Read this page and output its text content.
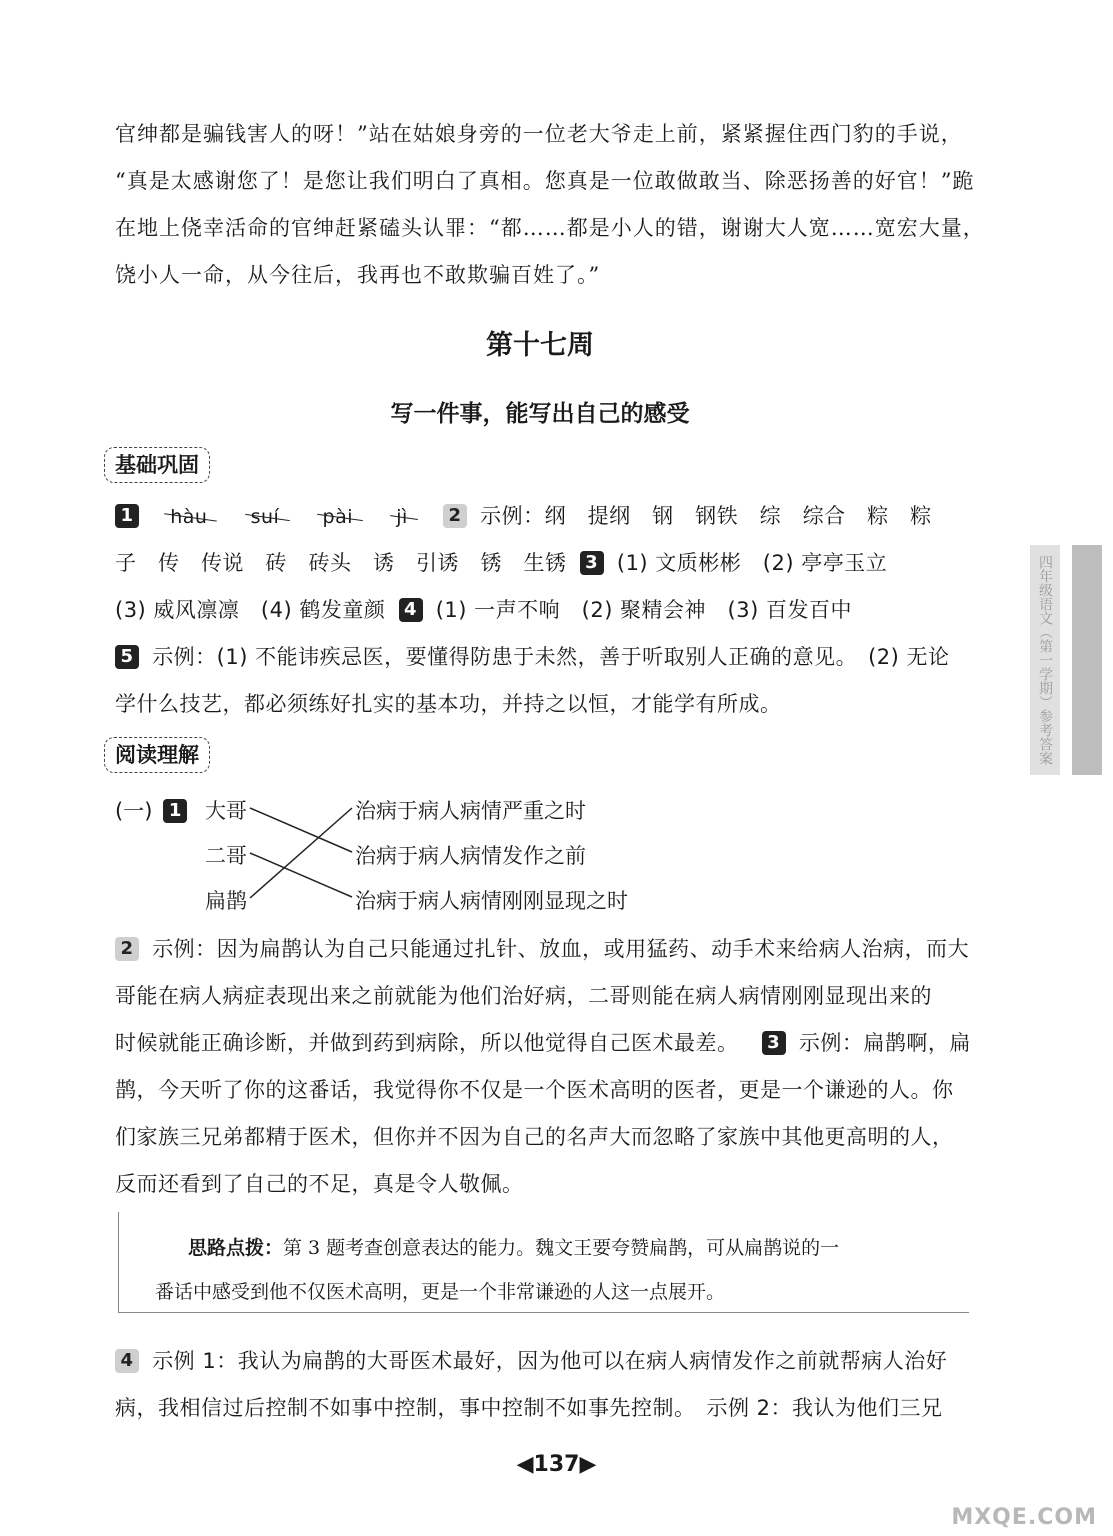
官绅都是骗钱害人的呀！”站在姑娘身旁的一位老大爷走上前，紧紧握住西门豹的手说，
“真是太感谢您了！是您让我们明白了真相。您真是一位敢做敢当、除恶扬善的好官！”跪
在地上侥幸活命的官绅赶紧磕头认罪：“都……都是小人的错，谢谢大人宽……宽宏大量，
饶小人一命，从今往后，我再也不敢欺骗百姓了。”
第十七周
写一件事，能写出自己的感受
基础巩固
1 hàu suí pài jì 2 示例：纲　提纲　钢　钢铁　综　综合　粽　粽
子　传　传说　砖　砖头　诱　引诱　锈　生锈 3 (1) 文质彬彬　(2) 亭亭玉立
(3) 威风凛凛　(4) 鹤发童颜 4 (1) 一声不响　(2) 聚精会神　(3) 百发百中
5 示例：(1) 不能讳疾忌医，要懂得防患于未然，善于听取别人正确的意见。　(2) 无论
学什么技艺，都必须练好扎实的基本功，并持之以恒，才能学有所成。
阅读理解
(一) 1	大哥
二哥
扁鹊
治病于病人病情严重之时
治病于病人病情发作之前
治病于病人病情刚刚显现之时
2 示例：因为扁鹊认为自己只能通过扎针、放血，或用猛药、动手术来给病人治病，而大
哥能在病人病症表现出来之前就能为他们治好病，二哥则能在病人病情刚刚显现出来的
时候就能正确诊断，并做到药到病除，所以他觉得自己医术最差。 3 示例：扁鹊啊，扁
鹊，今天听了你的这番话，我觉得你不仅是一个医术高明的医者，更是一个谦逊的人。你
们家族三兄弟都精于医术，但你并不因为自己的名声大而忽略了家族中其他更高明的人，
反而还看到了自己的不足，真是令人敬佩。
思路点拨：第 3 题考查创意表达的能力。魏文王要夸赞扁鹊，可从扁鹊说的一
番话中感受到他不仅医术高明，更是一个非常谦逊的人这一点展开。
4 示例 1：我认为扁鹊的大哥医术最好，因为他可以在病人病情发作之前就帮病人治好
病，我相信过后控制不如事中控制，事中控制不如事先控制。　示例 2：我认为他们三兄
◀137▶
四年级语文（第一学期）参考答案
MXQE.COM
